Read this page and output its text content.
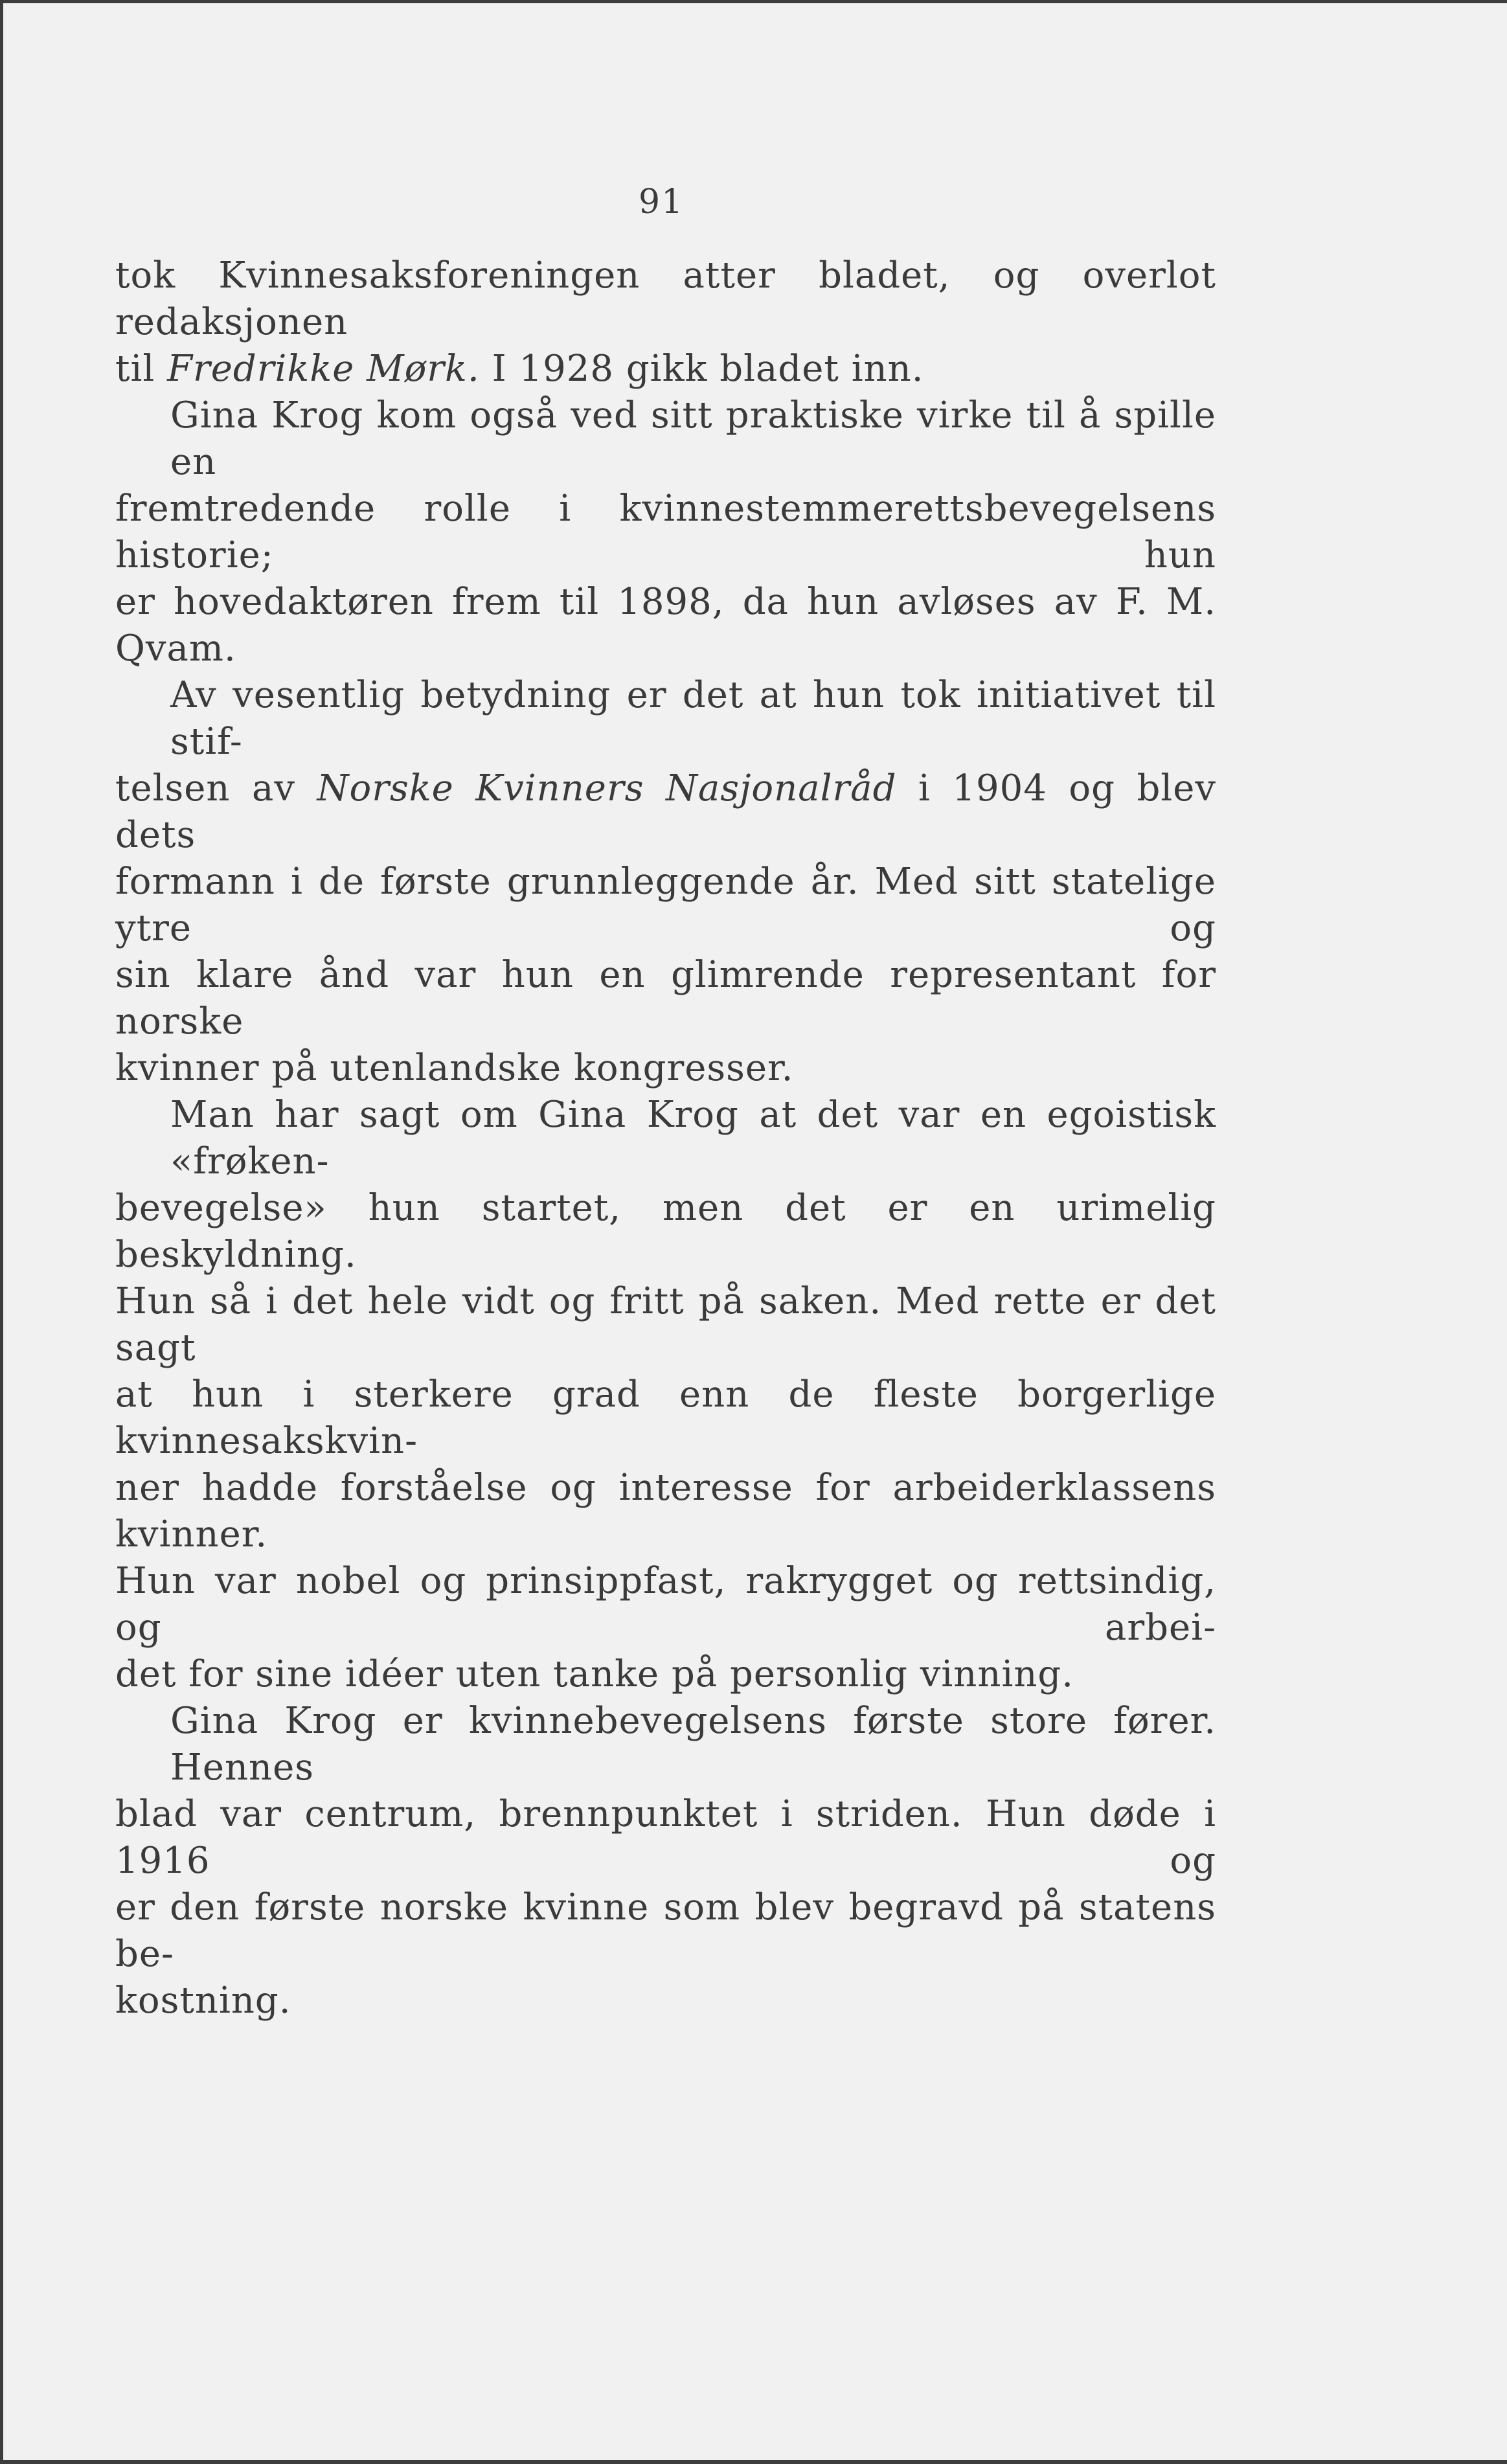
91
tok Kvinnesaksforeningen atter bladet, og overlot redaksjonen
til Fredrikke Mørk. I 1928 gikk bladet inn.
Gina Krog kom også ved sitt praktiske virke til å spille en
fremtredende rolle i kvinnestemmerettsbevegelsens historie; hun
er hovedaktøren frem til 1898, da hun avløses av F. M. Qvam.
Av vesentlig betydning er det at hun tok initiativet til stif-
telsen av Norske Kvinners Nasjonalråd i 1904 og blev dets
formann i de første grunnleggende år. Med sitt statelige ytre og
sin klare ånd var hun en glimrende representant for norske
kvinner på utenlandske kongresser.
Man har sagt om Gina Krog at det var en egoistisk «frøken-
bevegelse» hun startet, men det er en urimelig beskyldning.
Hun så i det hele vidt og fritt på saken. Med rette er det sagt
at hun i sterkere grad enn de fleste borgerlige kvinnesakskvin-
ner hadde forståelse og interesse for arbeiderklassens kvinner.
Hun var nobel og prinsippfast, rakrygget og rettsindig, og arbei-
det for sine idéer uten tanke på personlig vinning.
Gina Krog er kvinnebevegelsens første store fører. Hennes
blad var centrum, brennpunktet i striden. Hun døde i 1916 og
er den første norske kvinne som blev begravd på statens be-
kostning.
